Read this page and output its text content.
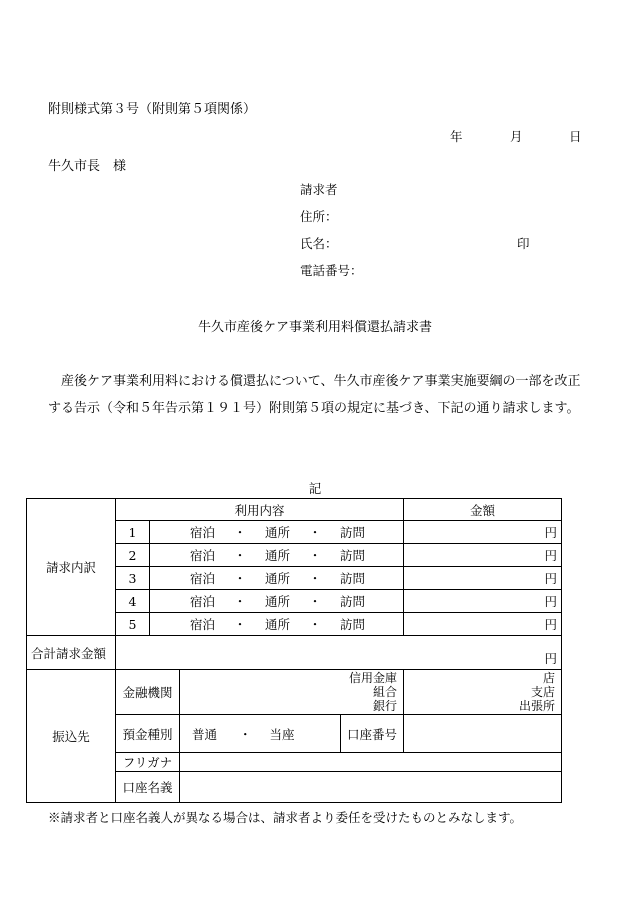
附則様式第３号（附則第５項関係）
年	月	日
牛久市長　様
請求者
住所：
氏名：	印
電話番号：
牛久市産後ケア事業利用料償還払請求書
産後ケア事業利用料における償還払について、牛久市産後ケア事業実施要綱の一部を改正する告示（令和５年告示第１９１号）附則第５項の規定に基づき、下記の通り請求します。
記
請求内訳	利用内容				金額
	1	宿泊 ・ 通所 ・ 訪問			円
	2	宿泊 ・ 通所 ・ 訪問			円
	3	宿泊 ・ 通所 ・ 訪問			円
	4	宿泊 ・ 通所 ・ 訪問			円
	5	宿泊 ・ 通所 ・ 訪問			円
合計請求金額	円				

振込先	金融機関		信用金庫
組合
銀行		店
支店
出張所

	預金種別		普通 ・ 当座	口座番号	
	フリガナ				
	口座名義				
※請求者と口座名義人が異なる場合は、請求者より委任を受けたものとみなします。
